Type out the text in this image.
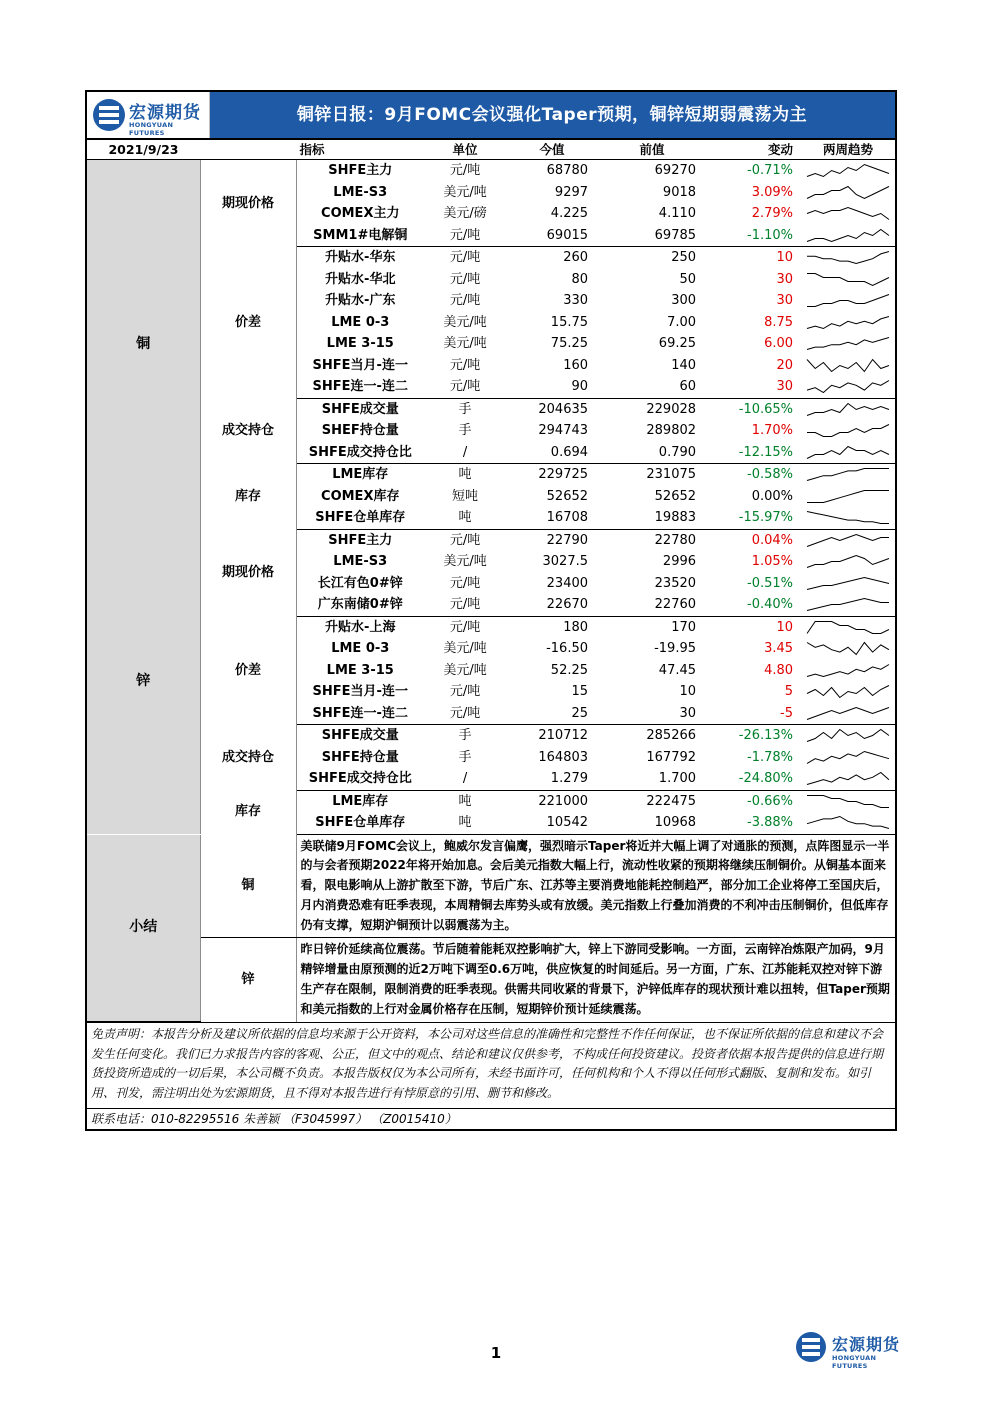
宏源期货
HONGYUAN FUTURES
铜锌日报：9月FOMC会议强化Taper预期，铜锌短期弱震荡为主
2021/9/23	指标		单位	今值	前值	变动	两周趋势
铜	期现价格	SHFE主力	元/吨	68780	69270	-0.71%	

		LME-S3	美元/吨	9297	9018	3.09%	

		COMEX主力	美元/磅	4.225	4.110	2.79%	

		SMM1#电解铜	元/吨	69015	69785	-1.10%	

	价差	升贴水-华东	元/吨	260	250	10	

		升贴水-华北	元/吨	80	50	30	

		升贴水-广东	元/吨	330	300	30	

		LME 0-3	美元/吨	15.75	7.00	8.75	

		LME 3-15	美元/吨	75.25	69.25	6.00	

		SHFE当月-连一	元/吨	160	140	20	

		SHFE连一-连二	元/吨	90	60	30	

	成交持仓	SHFE成交量	手	204635	229028	-10.65%	

		SHEF持仓量	手	294743	289802	1.70%	

		SHFE成交持仓比	/	0.694	0.790	-12.15%	

	库存	LME库存	吨	229725	231075	-0.58%	

		COMEX库存	短吨	52652	52652	0.00%	

		SHFE仓单库存	吨	16708	19883	-15.97%	

锌	期现价格	SHFE主力	元/吨	22790	22780	0.04%	

		LME-S3	美元/吨	3027.5	2996	1.05%	

		长江有色0#锌	元/吨	23400	23520	-0.51%	

		广东南储0#锌	元/吨	22670	22760	-0.40%	

	价差	升贴水-上海	元/吨	180	170	10	

		LME 0-3	美元/吨	-16.50	-19.95	3.45	

		LME 3-15	美元/吨	52.25	47.45	4.80	

		SHFE当月-连一	元/吨	15	10	5	

		SHFE连一-连二	元/吨	25	30	-5	

	成交持仓	SHFE成交量	手	210712	285266	-26.13%	

		SHFE持仓量	手	164803	167792	-1.78%	

		SHFE成交持仓比	/	1.279	1.700	-24.80%	

	库存	LME库存	吨	221000	222475	-0.66%	

		SHFE仓单库存	吨	10542	10968	-3.88%	
小结	铜	美联储9月FOMC会议上，鲍威尔发言偏鹰，强烈暗示Taper将近并大幅上调了对通胀的预测，点阵图显示一半的与会者预期2022年将开始加息。会后美元指数大幅上行，流动性收紧的预期将继续压制铜价。从铜基本面来看，限电影响从上游扩散至下游，节后广东、江苏等主要消费地能耗控制趋严，部分加工企业将停工至国庆后，月内消费恐难有旺季表现，本周精铜去库势头或有放缓。美元指数上行叠加消费的不利冲击压制铜价，但低库存仍有支撑，短期沪铜预计以弱震荡为主。
	锌	昨日锌价延续高位震荡。节后随着能耗双控影响扩大，锌上下游同受影响。一方面，云南锌冶炼限产加码，9月精锌增量由原预测的近2万吨下调至0.6万吨，供应恢复的时间延后。另一方面，广东、江苏能耗双控对锌下游生产存在限制，限制消费的旺季表现。供需共同收紧的背景下，沪锌低库存的现状预计难以扭转，但Taper预期和美元指数的上行对金属价格存在压制，短期锌价预计延续震荡。
免责声明：本报告分析及建议所依据的信息均来源于公开资料，本公司对这些信息的准确性和完整性不作任何保证，也不保证所依据的信息和建议不会发生任何变化。我们已力求报告内容的客观、公正，但文中的观点、结论和建议仅供参考，不构成任何投资建议。投资者依据本报告提供的信息进行期货投资所造成的一切后果，本公司概不负责。本报告版权仅为本公司所有，未经书面许可，任何机构和个人不得以任何形式翻版、复制和发布。如引用、刊发，需注明出处为宏源期货，且不得对本报告进行有悖原意的引用、删节和修改。
联系电话：010-82295516 朱善颖 （F3045997） （Z0015410）
1	宏源期货
HONGYUAN FUTURES
